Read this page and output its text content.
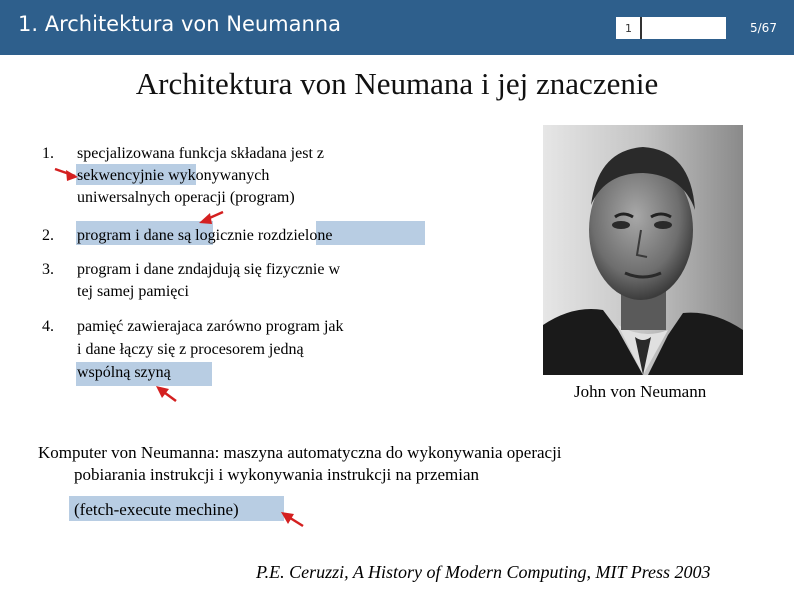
1. Architektura von Neumanna	1	5/67
Architektura von Neumana i jej znaczenie
1. specjalizowana funkcja składana jest z
sekwencyjnie wykonywanych
uniwersalnych operacji (program)
2. program i dane są logicznie rozdzielone
3. program i dane zndajdują się fizycznie w
tej samej pamięci
4. pamięć zawierajaca zarówno program jak
i dane łączy się z procesorem jedną
wspólną szyną
John von Neumann
Komputer von Neumanna: maszyna automatyczna do wykonywania operacji
pobiarania instrukcji i wykonywania instrukcji na przemian
(fetch-execute mechine)
P.E. Ceruzzi, A History of Modern Computing, MIT Press 2003
